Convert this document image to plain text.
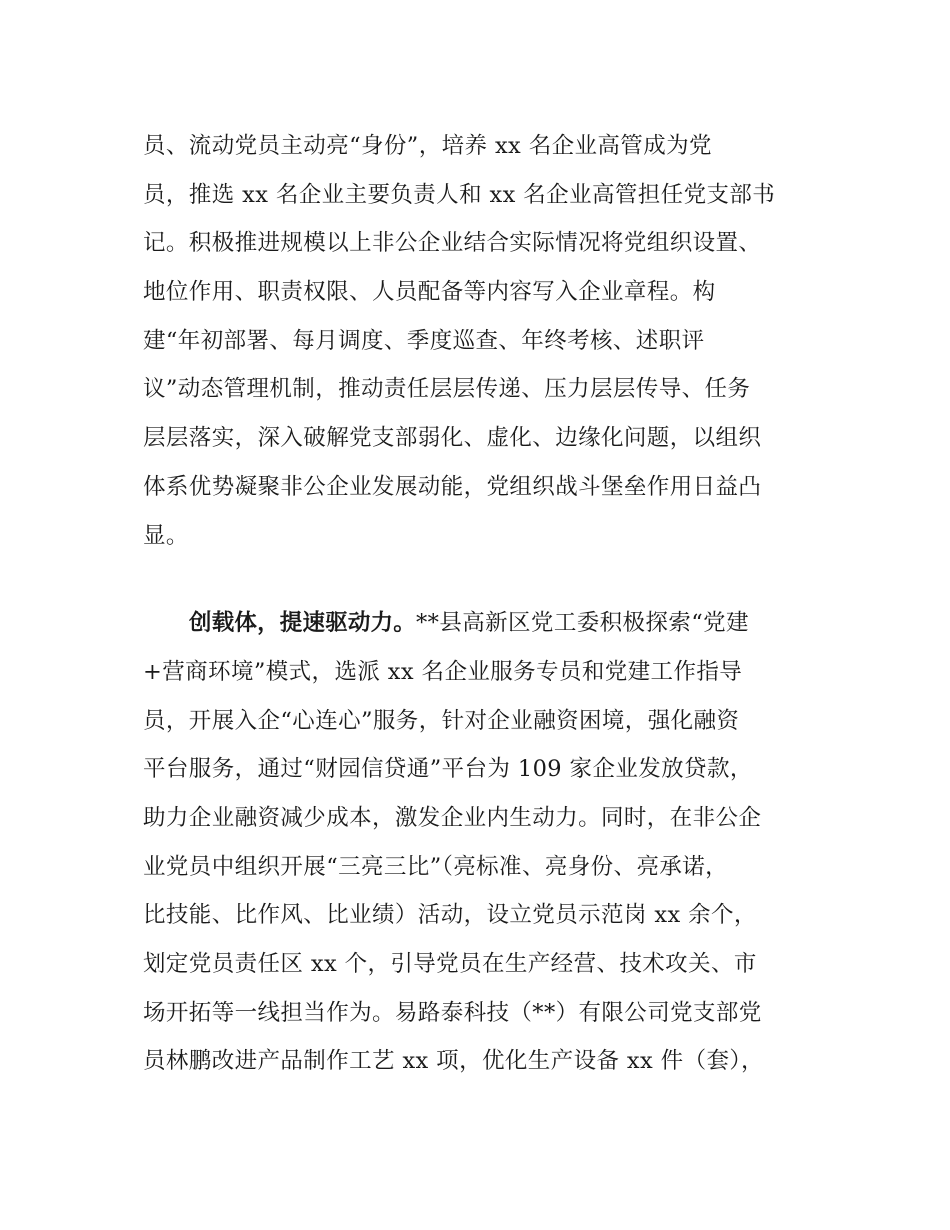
员、流动党员主动亮“身份”，培养 xx 名企业高管成为党
员，推选 xx 名企业主要负责人和 xx 名企业高管担任党支部书
记。积极推进规模以上非公企业结合实际情况将党组织设置、
地位作用、职责权限、人员配备等内容写入企业章程。构
建“年初部署、每月调度、季度巡查、年终考核、述职评
议”动态管理机制，推动责任层层传递、压力层层传导、任务
层层落实，深入破解党支部弱化、虚化、边缘化问题，以组织
体系优势凝聚非公企业发展动能，党组织战斗堡垒作用日益凸
显。
创载体，提速驱动力。**县高新区党工委积极探索“党建
+营商环境”模式，选派 xx 名企业服务专员和党建工作指导
员，开展入企“心连心”服务，针对企业融资困境，强化融资
平台服务，通过“财园信贷通”平台为 109 家企业发放贷款，
助力企业融资减少成本，激发企业内生动力。同时，在非公企
业党员中组织开展“三亮三比”（亮标准、亮身份、亮承诺，
比技能、比作风、比业绩）活动，设立党员示范岗 xx 余个，
划定党员责任区 xx 个，引导党员在生产经营、技术攻关、市
场开拓等一线担当作为。易路泰科技（**）有限公司党支部党
员林鹏改进产品制作工艺 xx 项，优化生产设备 xx 件（套），
